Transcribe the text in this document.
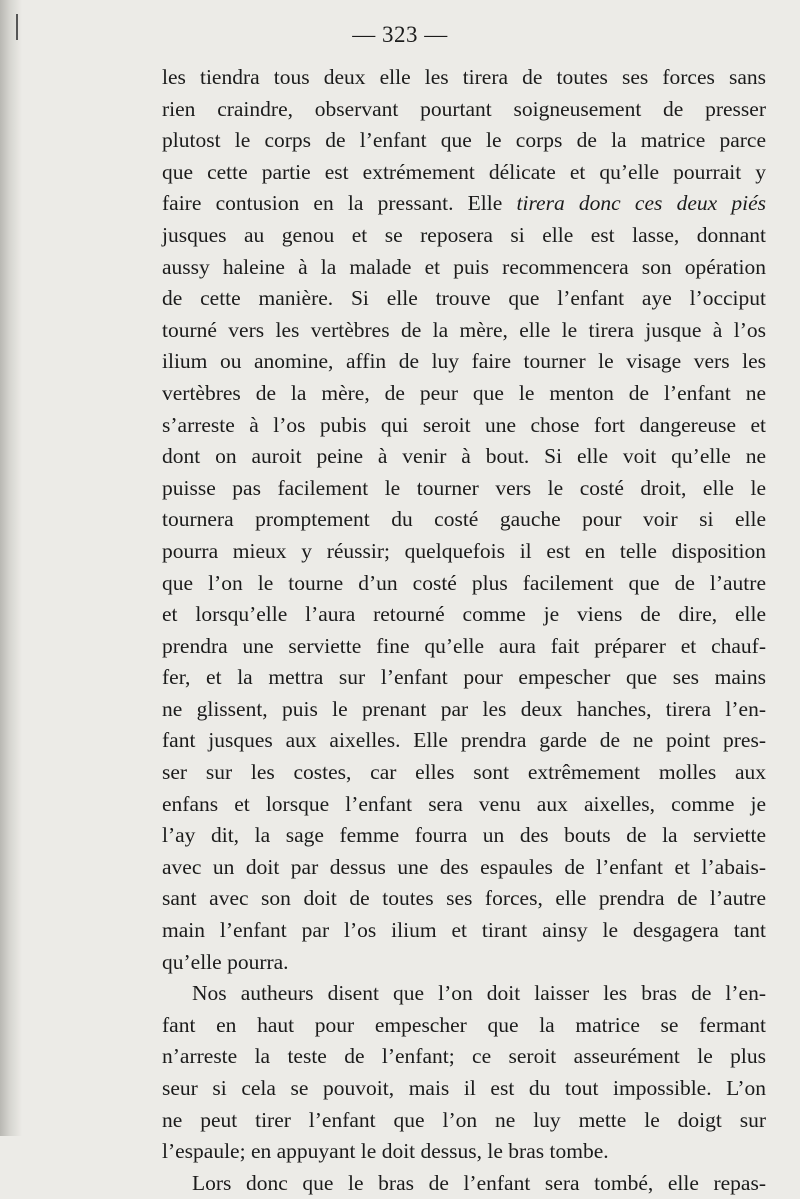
— 323 —
les tiendra tous deux elle les tirera de toutes ses forces sans
rien craindre, observant pourtant soigneusement de presser
plutost le corps de l’enfant que le corps de la matrice parce
que cette partie est extrémement délicate et qu’elle pourrait y
faire contusion en la pressant. Elle tirera donc ces deux piés
jusques au genou et se reposera si elle est lasse, donnant
aussy haleine à la malade et puis recommencera son opération
de cette manière. Si elle trouve que l’enfant aye l’occiput
tourné vers les vertèbres de la mère, elle le tirera jusque à l’os
ilium ou anomine, affin de luy faire tourner le visage vers les
vertèbres de la mère, de peur que le menton de l’enfant ne
s’arreste à l’os pubis qui seroit une chose fort dangereuse et
dont on auroit peine à venir à bout. Si elle voit qu’elle ne
puisse pas facilement le tourner vers le costé droit, elle le
tournera promptement du costé gauche pour voir si elle
pourra mieux y réussir; quelquefois il est en telle disposition
que l’on le tourne d’un costé plus facilement que de l’autre
et lorsqu’elle l’aura retourné comme je viens de dire, elle
prendra une serviette fine qu’elle aura fait préparer et chauf-
fer, et la mettra sur l’enfant pour empescher que ses mains
ne glissent, puis le prenant par les deux hanches, tirera l’en-
fant jusques aux aixelles. Elle prendra garde de ne point pres-
ser sur les costes, car elles sont extrêmement molles aux
enfans et lorsque l’enfant sera venu aux aixelles, comme je
l’ay dit, la sage femme fourra un des bouts de la serviette
avec un doit par dessus une des espaules de l’enfant et l’abais-
sant avec son doit de toutes ses forces, elle prendra de l’autre
main l’enfant par l’os ilium et tirant ainsy le desgagera tant
qu’elle pourra.
Nos autheurs disent que l’on doit laisser les bras de l’en-
fant en haut pour empescher que la matrice se fermant
n’arreste la teste de l’enfant; ce seroit asseurément le plus
seur si cela se pouvoit, mais il est du tout impossible. L’on
ne peut tirer l’enfant que l’on ne luy mette le doigt sur
l’espaule; en appuyant le doit dessus, le bras tombe.
Lors donc que le bras de l’enfant sera tombé, elle repas-
